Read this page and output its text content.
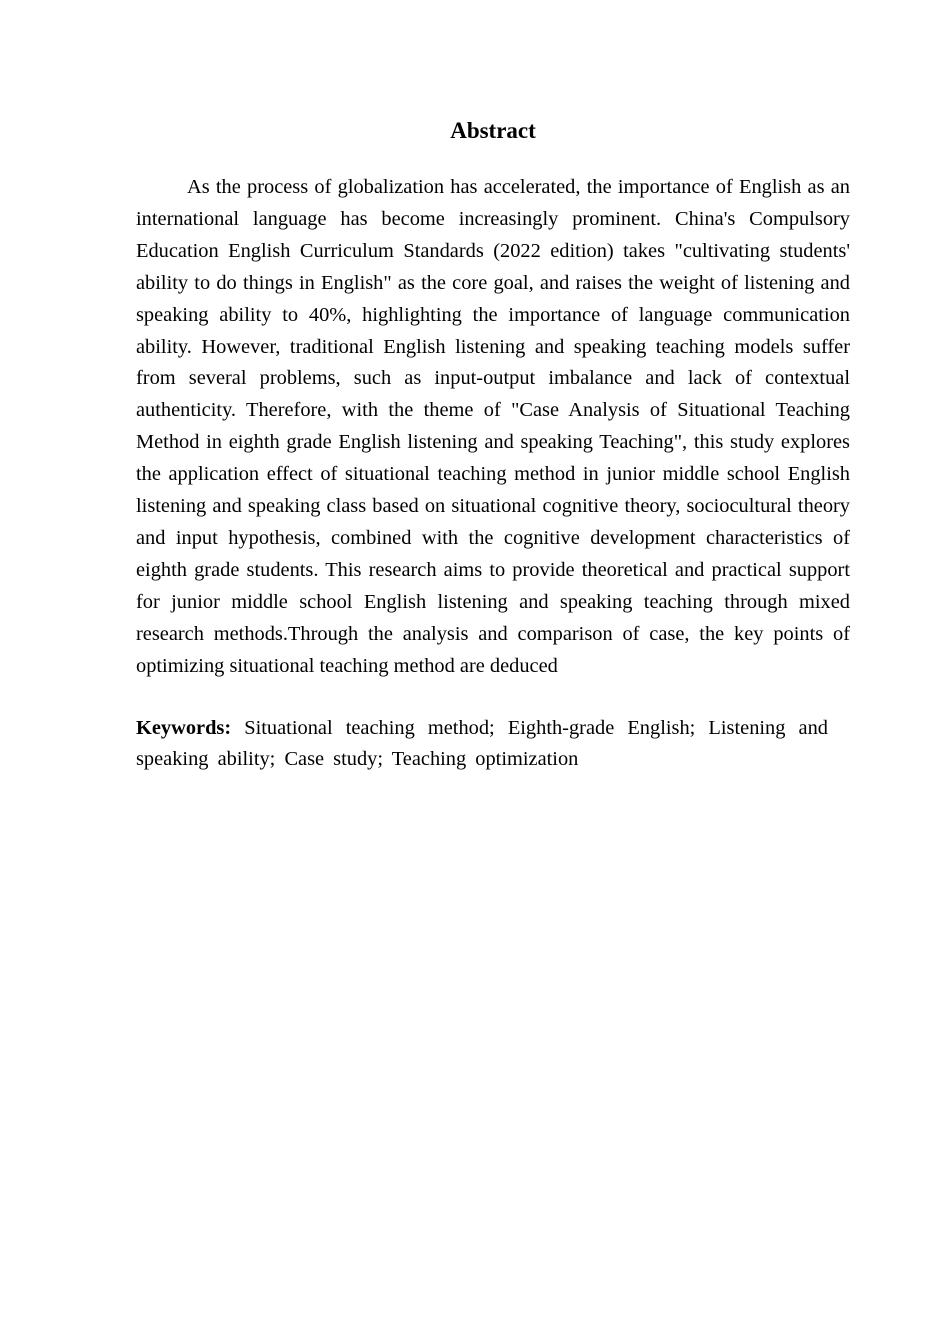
Abstract

As the process of globalization has accelerated, the importance of English as an international language has become increasingly prominent. China's Compulsory Education English Curriculum Standards (2022 edition) takes "cultivating students' ability to do things in English" as the core goal, and raises the weight of listening and speaking ability to 40%, highlighting the importance of language communication ability. However, traditional English listening and speaking teaching models suffer from several problems, such as input-output imbalance and lack of contextual authenticity. Therefore, with the theme of "Case Analysis of Situational Teaching Method in eighth grade English listening and speaking Teaching", this study explores the application effect of situational teaching method in junior middle school English listening and speaking class based on situational cognitive theory, sociocultural theory and input hypothesis, combined with the cognitive development characteristics of eighth grade students. This research aims to provide theoretical and practical support for junior middle school English listening and speaking teaching through mixed research methods.Through the analysis and comparison of case, the key points of optimizing situational teaching method are deduced

Keywords: Situational teaching method; Eighth-grade English; Listening and speaking ability; Case study; Teaching optimization
